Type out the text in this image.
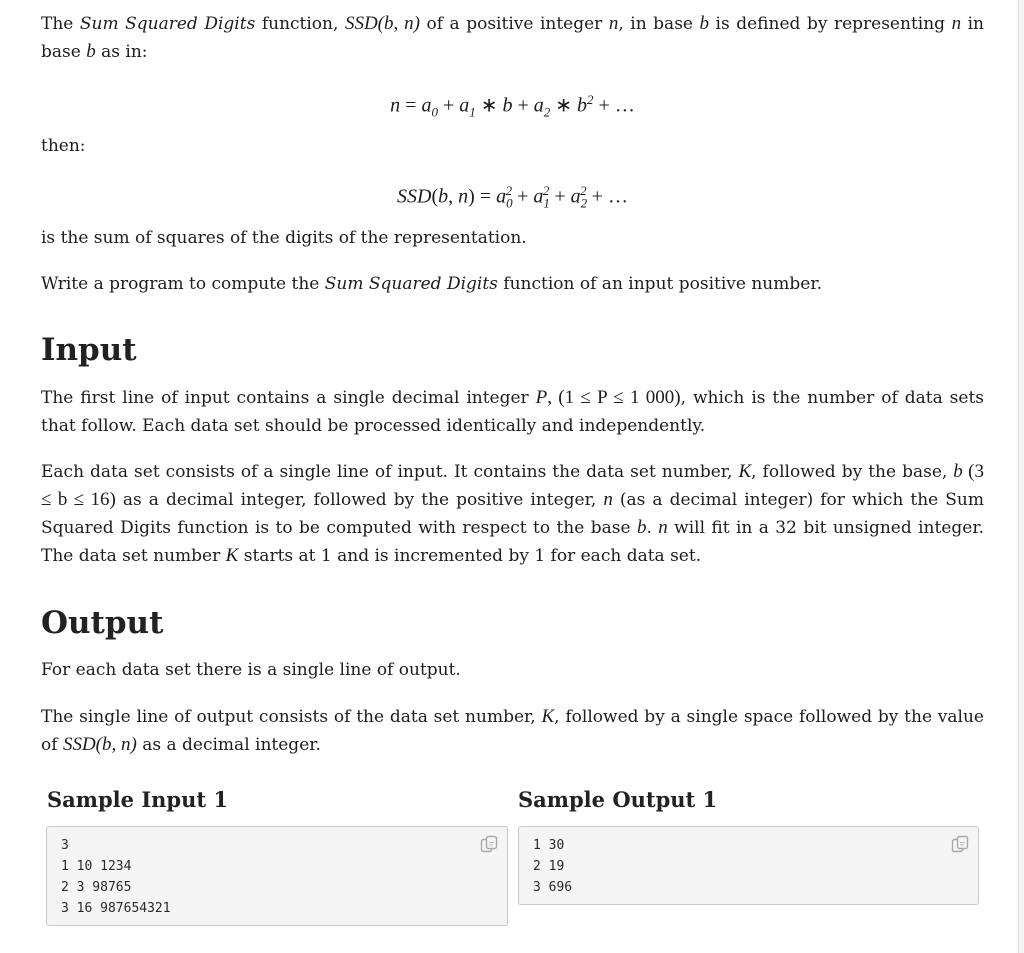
The Sum Squared Digits function, SSD(b, n) of a positive integer n, in base b is defined by representing n in base b as in:

$n = a_0 + a_1$ ∗ $b + a_2$ ∗ $b^2$ + …

then:

SSD(b, $n) = a_0^2 + a_1^2 + a_2^2$ + …

is the sum of squares of the digits of the representation.

Write a program to compute the Sum Squared Digits function of an input positive number.

Input

The first line of input contains a single decimal integer P, (1 ≤ P ≤ 1 000), which is the number of data sets that follow. Each data set should be processed identically and independently.

Each data set consists of a single line of input. It contains the data set number, K, followed by the base, b (3 ≤ b ≤ 16) as a decimal integer, followed by the positive integer, n (as a decimal integer) for which the Sum Squared Digits function is to be computed with respect to the base b. n will fit in a 32 bit unsigned integer. The data set number K starts at 1 and is incremented by 1 for each data set.

Output

For each data set there is a single line of output.

The single line of output consists of the data set number, K, followed by a single space followed by the value of SSD(b, n) as a decimal integer.

Sample Input 1	Sample Output 1
3
1 10 1234
2 3 98765
3 16 987654321
1 30
2 19
3 696
